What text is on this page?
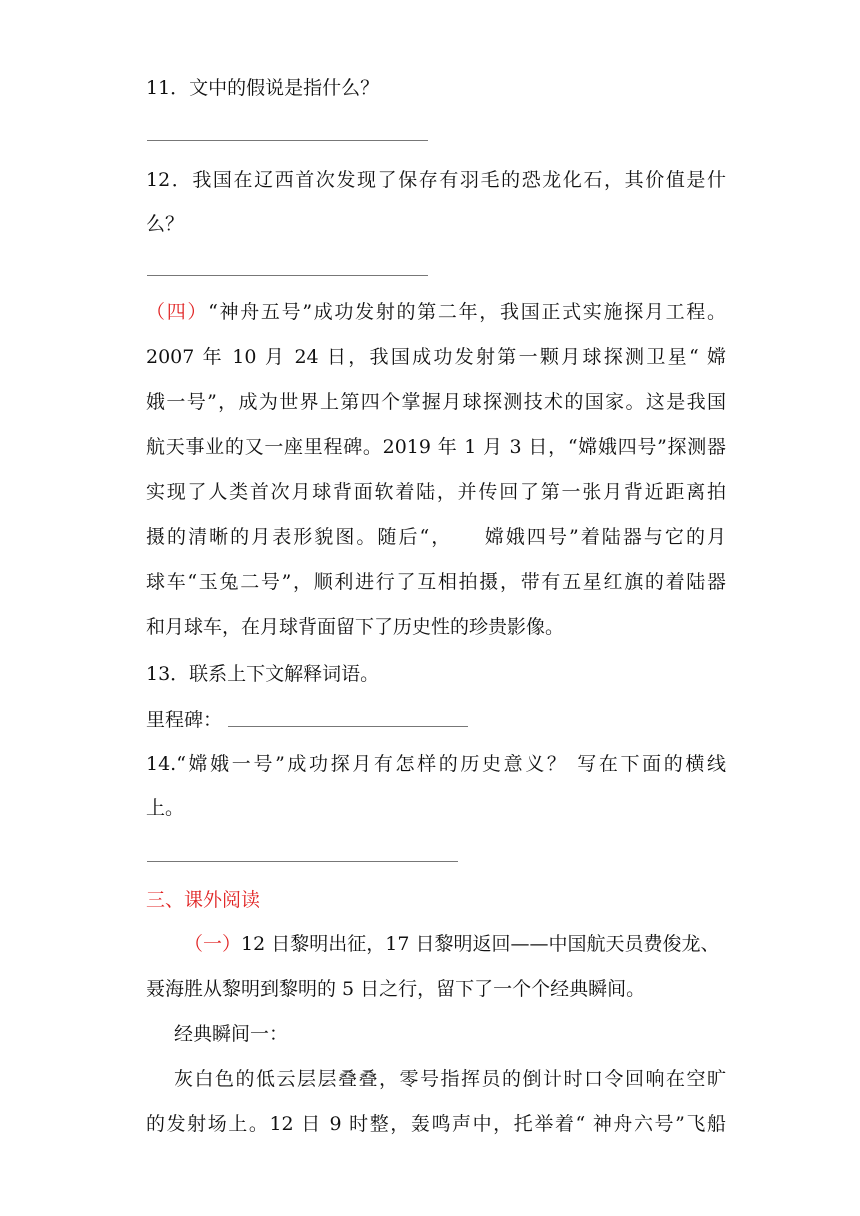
11．文中的假说是指什么？
12．我国在辽西首次发现了保存有羽毛的恐龙化石，其价值是什
么？
（四）“神舟五号”成功发射的第二年，我国正式实施探月工程。
2007 年 10 月 24 日，我国成功发射第一颗月球探测卫星“ 嫦
娥一号”，成为世界上第四个掌握月球探测技术的国家。这是我国
航天事业的又一座里程碑。2019 年 1 月 3 日，“嫦娥四号”探测器
实现了人类首次月球背面软着陆，并传回了第一张月背近距离拍
摄的清晰的月表形貌图。随后“，　　嫦娥四号”着陆器与它的月
球车“玉兔二号”，顺利进行了互相拍摄，带有五星红旗的着陆器
和月球车，在月球背面留下了历史性的珍贵影像。
13．联系上下文解释词语。
里程碑：
14.“嫦娥一号”成功探月有怎样的历史意义？ 写在下面的横线
上。
三、课外阅读
（一）12 日黎明出征，17 日黎明返回——中国航天员费俊龙、
聂海胜从黎明到黎明的 5 日之行，留下了一个个经典瞬间。
经典瞬间一：
灰白色的低云层层叠叠，零号指挥员的倒计时口令回响在空旷
的发射场上。12 日 9 时整，轰鸣声中，托举着“ 神舟六号”飞船
